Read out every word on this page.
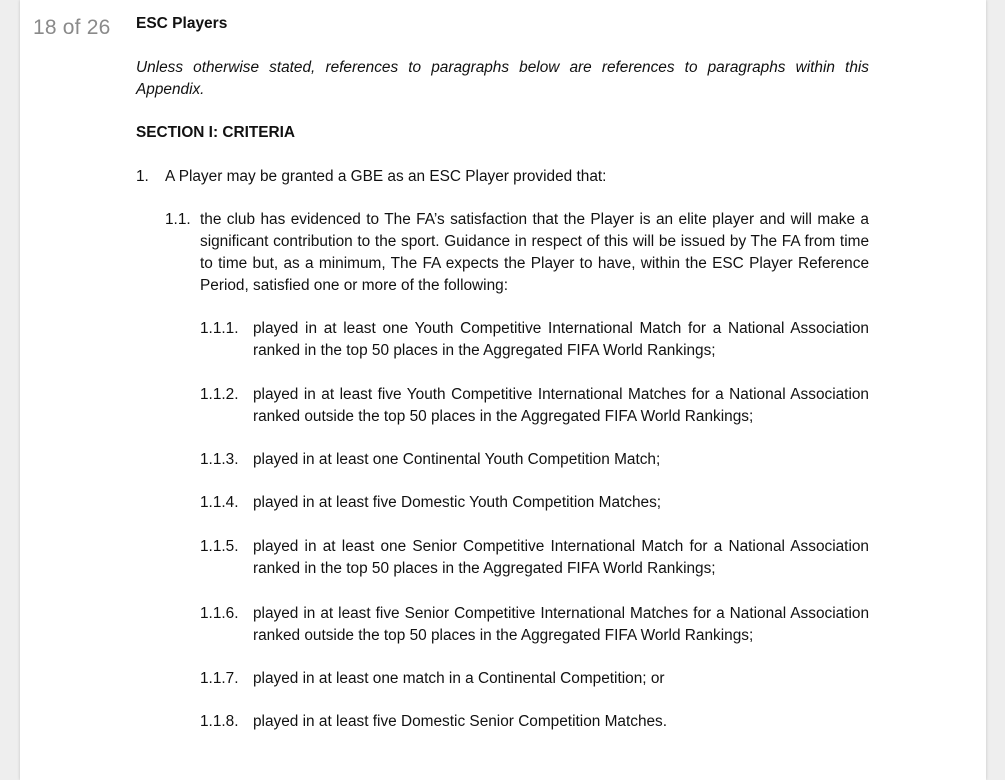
18 of 26 ESC Players
Unless otherwise stated, references to paragraphs below are references to paragraphs within this Appendix.
SECTION I: CRITERIA
1.	A Player may be granted a GBE as an ESC Player provided that:
1.1. the club has evidenced to The FA’s satisfaction that the Player is an elite player and will make a significant contribution to the sport. Guidance in respect of this will be issued by The FA from time to time but, as a minimum, The FA expects the Player to have, within the ESC Player Reference Period, satisfied one or more of the following:
1.1.1. played in at least one Youth Competitive International Match for a National Association ranked in the top 50 places in the Aggregated FIFA World Rankings;
1.1.2. played in at least five Youth Competitive International Matches for a National Association ranked outside the top 50 places in the Aggregated FIFA World Rankings;
1.1.3. played in at least one Continental Youth Competition Match;
1.1.4. played in at least five Domestic Youth Competition Matches;
1.1.5. played in at least one Senior Competitive International Match for a National Association ranked in the top 50 places in the Aggregated FIFA World Rankings;
1.1.6. played in at least five Senior Competitive International Matches for a National Association ranked outside the top 50 places in the Aggregated FIFA World Rankings;
1.1.7. played in at least one match in a Continental Competition; or
1.1.8. played in at least five Domestic Senior Competition Matches.
